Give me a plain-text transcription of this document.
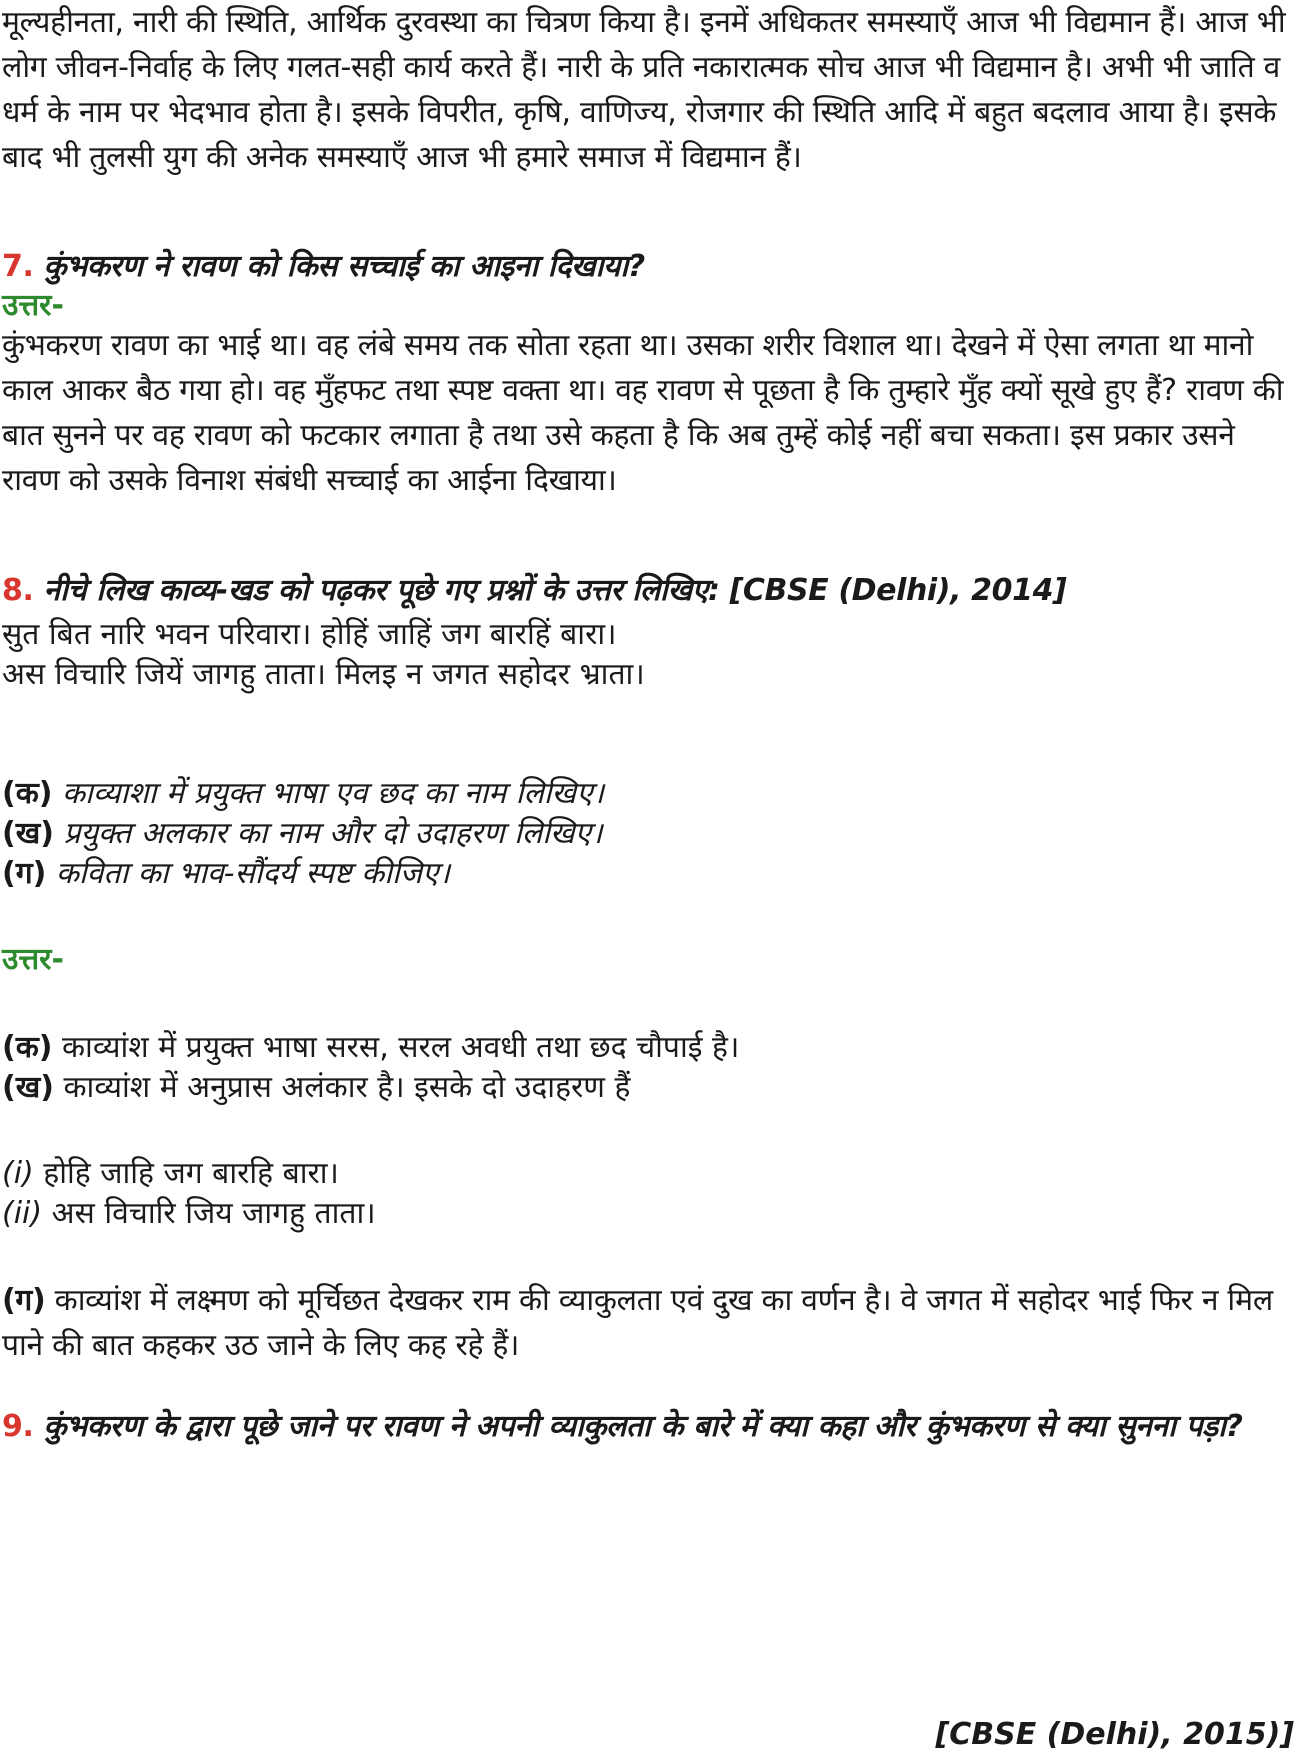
मूल्यहीनता, नारी की स्थिति, आर्थिक दुरवस्था का चित्रण किया है। इनमें अधिकतर समस्याएँ आज भी विद्यमान हैं। आज भी लोग जीवन-निर्वाह के लिए गलत-सही कार्य करते हैं। नारी के प्रति नकारात्मक सोच आज भी विद्यमान है। अभी भी जाति व धर्म के नाम पर भेदभाव होता है। इसके विपरीत, कृषि, वाणिज्य, रोजगार की स्थिति आदि में बहुत बदलाव आया है। इसके बाद भी तुलसी युग की अनेक समस्याएँ आज भी हमारे समाज में विद्यमान हैं।

7. कुंभकरण ने रावण को किस सच्चाई का आइना दिखाया?

उत्तर-

कुंभकरण रावण का भाई था। वह लंबे समय तक सोता रहता था। उसका शरीर विशाल था। देखने में ऐसा लगता था मानो काल आकर बैठ गया हो। वह मुँहफट तथा स्पष्ट वक्ता था। वह रावण से पूछता है कि तुम्हारे मुँह क्यों सूखे हुए हैं? रावण की बात सुनने पर वह रावण को फटकार लगाता है तथा उसे कहता है कि अब तुम्हें कोई नहीं बचा सकता। इस प्रकार उसने रावण को उसके विनाश संबंधी सच्चाई का आईना दिखाया।

8. नीचे लिख काव्य-खड को पढ़कर पूछे गए प्रश्नों के उत्तर लिखिए: [CBSE (Delhi), 2014]

सुत बित नारि भवन परिवारा। होहिं जाहिं जग बारहिं बारा।

अस विचारि जियें जागहु ताता। मिलइ न जगत सहोदर भ्राता।

(क) काव्याशा में प्रयुक्त भाषा एव छद का नाम लिखिए।

(ख) प्रयुक्त अलकार का नाम और दो उदाहरण लिखिए।

(ग) कविता का भाव-सौंदर्य स्पष्ट कीजिए।

उत्तर-

(क) काव्यांश में प्रयुक्त भाषा सरस, सरल अवधी तथा छद चौपाई है।

(ख) काव्यांश में अनुप्रास अलंकार है। इसके दो उदाहरण हैं

(i) होहि जाहि जग बारहि बारा।

(ii) अस विचारि जिय जागहु ताता।

(ग) काव्यांश में लक्ष्मण को मूर्चिछत देखकर राम की व्याकुलता एवं दुख का वर्णन है। वे जगत में सहोदर भाई फिर न मिल पाने की बात कहकर उठ जाने के लिए कह रहे हैं।

9. कुंभकरण के द्वारा पूछे जाने पर रावण ने अपनी व्याकुलता के बारे में क्या कहा और कुंभकरण से क्या सुनना पड़ा?

[CBSE (Delhi), 2015)]
